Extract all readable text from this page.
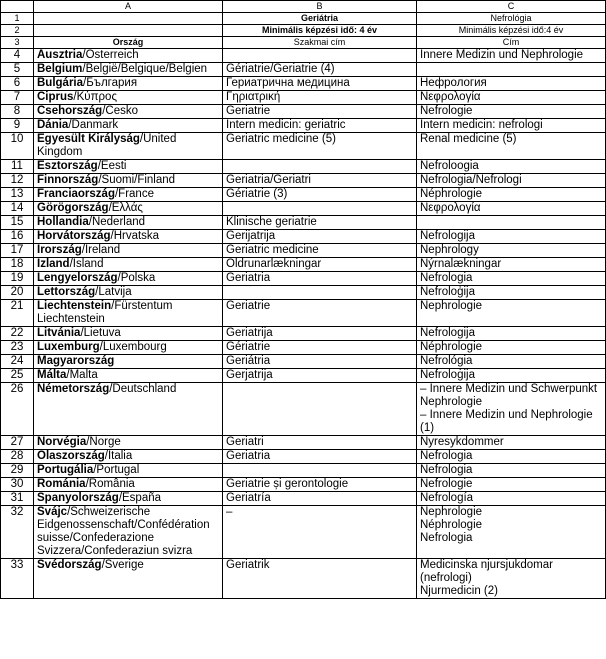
	A	B	C
1		Geriátria	Nefrológia
2		Minimális képzési idő: 4 év	Minimális képzési idő:4 év
3	Ország	Szakmai cím	Cím
4	Ausztria/Österreich		Innere Medizin und Nephrologie

5	Belgium/België/Belgique/Belgien	Gériatrie/Geriatrie (4)	

6	Bulgária/България	Гериатрична медицина	Нефрология

7	Ciprus/Κύπρος	Γηριατρική	Νεφρολογία

8	Csehország/Česko	Geriatrie	Nefrologie

9	Dánia/Danmark	Intern medicin: geriatric	Intern medicin: nefrologi

10	Egyesült Királyság/United Kingdom	Geriatric medicine (5)	Renal medicine (5)

11	Észtország/Eesti		Nefroloogia

12	Finnország/Suomi/Finland	Geriatria/Geriatri	Nefrologia/Nefrologi

13	Franciaország/France	Gériatrie (3)	Néphrologie

14	Görögország/Ελλάς		Νεφρολογία

15	Hollandia/Nederland	Klinische geriatrie	

16	Horvátország/Hrvatska	Gerijatrija	Nefrologija

17	Írország/Ireland	Geriatric medicine	Nephrology

18	Izland/Ísland	Öldrunarlækningar	Nýrnalækningar

19	Lengyelország/Polska	Geriatria	Nefrologia

20	Lettország/Latvija		Nefroloģija

21	Liechtenstein/Fürstentum Liechtenstein	Geriatrie	Nephrologie

22	Litvánia/Lietuva	Geriatrija	Nefrologija

23	Luxemburg/Luxembourg	Gériatrie	Néphrologie

24	Magyarország	Geriátria	Nefrológia

25	Málta/Malta	Ġerjatrija	Nefroloġija

26	Németország/Deutschland		– Innere Medizin und Schwerpunkt Nephrologie
– Innere Medizin und Nephrologie (1)

27	Norvégia/Norge	Geriatri	Nyresykdommer

28	Olaszország/Italia	Geriatria	Nefrologia

29	Portugália/Portugal		Nefrologia

30	Románia/România	Geriatrie și gerontologie	Nefrologie

31	Spanyolország/España	Geriatría	Nefrología

32	Svájc/Schweizerische Eidgenossenschaft/Confédération suisse/Confederazione Svizzera/Confederaziun svizra	–	Nephrologie
Néphrologie
Nefrologia

33	Svédország/Sverige	Geriatrik	Medicinska njursjukdomar (nefrologi)
Njurmedicin (2)
